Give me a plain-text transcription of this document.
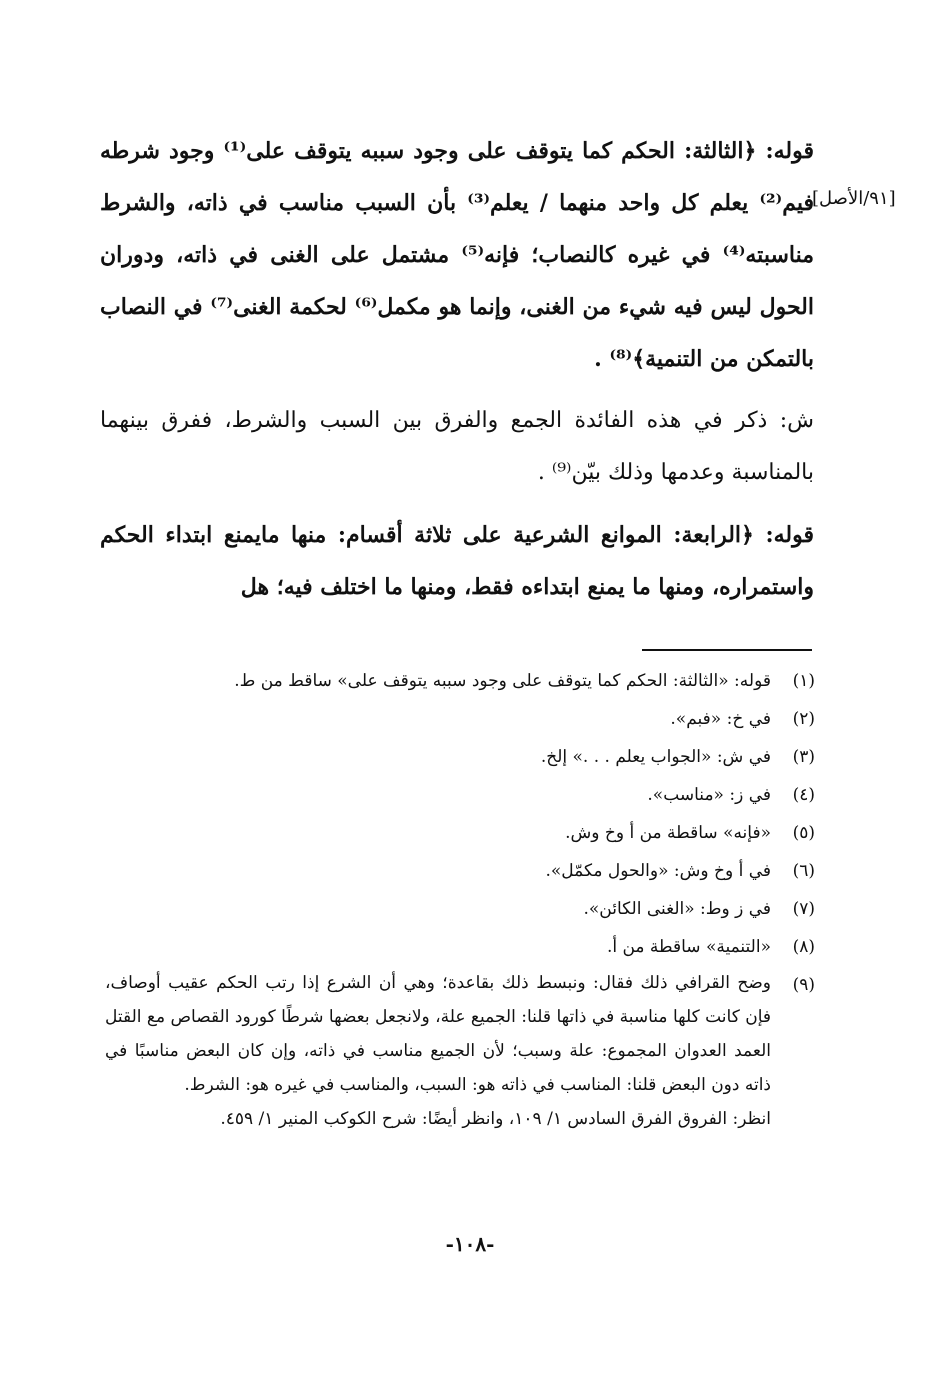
قوله: ﴿الثالثة: الحكم كما يتوقف على وجود سببه يتوقف على⁽¹⁾ وجود شرطه فيم⁽²⁾ يعلم كل واحد منهما / يعلم⁽³⁾ بأن السبب مناسب في ذاته، والشرط مناسبته⁽⁴⁾ في غيره كالنصاب؛ فإنه⁽⁵⁾ مشتمل على الغنى في ذاته، ودوران الحول ليس فيه شيء من الغنى، وإنما هو مكمل⁽⁶⁾ لحكمة الغنى⁽⁷⁾ في النصاب بالتمكن من التنمية﴾⁽⁸⁾ .

ش: ذكر في هذه الفائدة الجمع والفرق بين السبب والشرط، ففرق بينهما بالمناسبة وعدمها وذلك بيّن⁽⁹⁾ .

قوله: ﴿الرابعة: الموانع الشرعية على ثلاثة أقسام: منها مايمنع ابتداء الحكم واستمراره، ومنها ما يمنع ابتداءه فقط، ومنها ما اختلف فيه؛ هل

[٩١/الأصل]
(١)
قوله: «الثالثة: الحكم كما يتوقف على وجود سببه يتوقف على» ساقط من ط.
(٢)
في خ: «فبم».
(٣)
في ش: «الجواب يعلم . . .» إلخ.
(٤)
في ز: «مناسب».
(٥)
«فإنه» ساقطة من أ وخ وش.
(٦)
في أ وخ وش: «والحول مكمّل».
(٧)
في ز وط: «الغنى الكائن».
(٨)
«التنمية» ساقطة من أ.
(٩)
وضح القرافي ذلك فقال: ونبسط ذلك بقاعدة؛ وهي أن الشرع إذا رتب الحكم عقيب أوصاف، فإن كانت كلها مناسبة في ذاتها قلنا: الجميع علة، ولانجعل بعضها شرطًا كورود القصاص مع القتل العمد العدوان المجموع: علة وسبب؛ لأن الجميع مناسب في ذاته، وإن كان البعض مناسبًا في ذاته دون البعض قلنا: المناسب في ذاته هو: السبب، والمناسب في غيره هو: الشرط.
انظر: الفروق الفرق السادس ١/ ١٠٩، وانظر أيضًا: شرح الكوكب المنير ١/ ٤٥٩.
-١٠٨-
